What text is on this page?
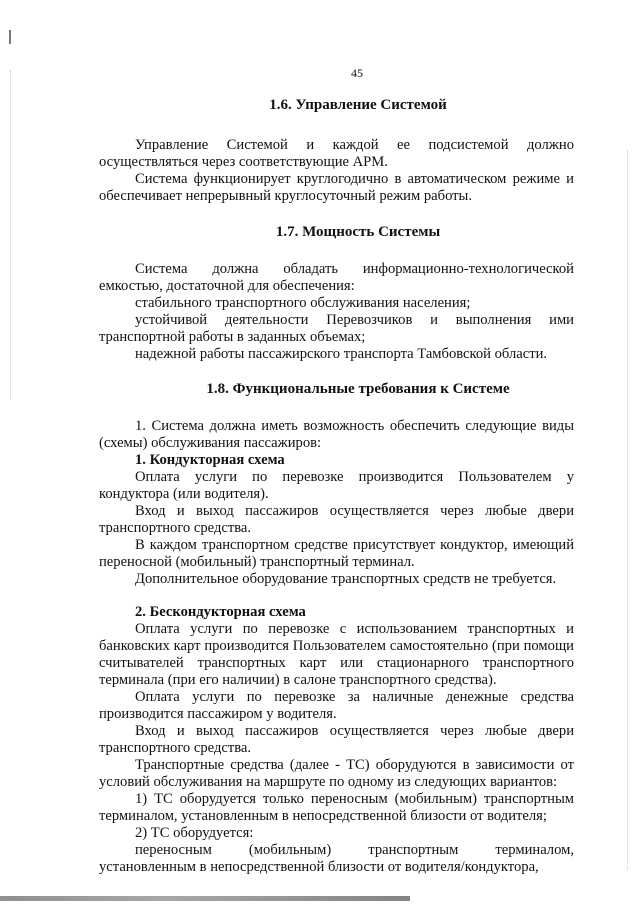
45
1.6. Управление Системой

Управление Системой и каждой ее подсистемой должно осуществляться через соответствующие АРМ.

Система функционирует круглогодично в автоматическом режиме и обеспечивает непрерывный круглосуточный режим работы.

1.7. Мощность Системы

Система должна обладать информационно-технологической емкостью, достаточной для обеспечения:

стабильного транспортного обслуживания населения;

устойчивой деятельности Перевозчиков и выполнения ими

транспортной работы в заданных объемах;

надежной работы пассажирского транспорта Тамбовской области.

1.8. Функциональные требования к Системе

1. Система должна иметь возможность обеспечить следующие виды (схемы) обслуживания пассажиров:

1. Кондукторная схема

Оплата услуги по перевозке производится Пользователем у кондуктора (или водителя).

Вход и выход пассажиров осуществляется через любые двери транспортного средства.

В каждом транспортном средстве присутствует кондуктор, имеющий переносной (мобильный) транспортный терминал.

Дополнительное оборудование транспортных средств не требуется.

2. Бескондукторная схема

Оплата услуги по перевозке с использованием транспортных и банковских карт производится Пользователем самостоятельно (при помощи считывателей транспортных карт или стационарного транспортного терминала (при его наличии) в салоне транспортного средства).

Оплата услуги по перевозке за наличные денежные средства производится пассажиром у водителя.

Вход и выход пассажиров осуществляется через любые двери транспортного средства.

Транспортные средства (далее - ТС) оборудуются в зависимости от условий обслуживания на маршруте по одному из следующих вариантов:

1) ТС оборудуется только переносным (мобильным) транспортным терминалом, установленным в непосредственной близости от водителя;

2) ТС оборудуется:

переносным (мобильным) транспортным терминалом, установленным в непосредственной близости от водителя/кондуктора,
